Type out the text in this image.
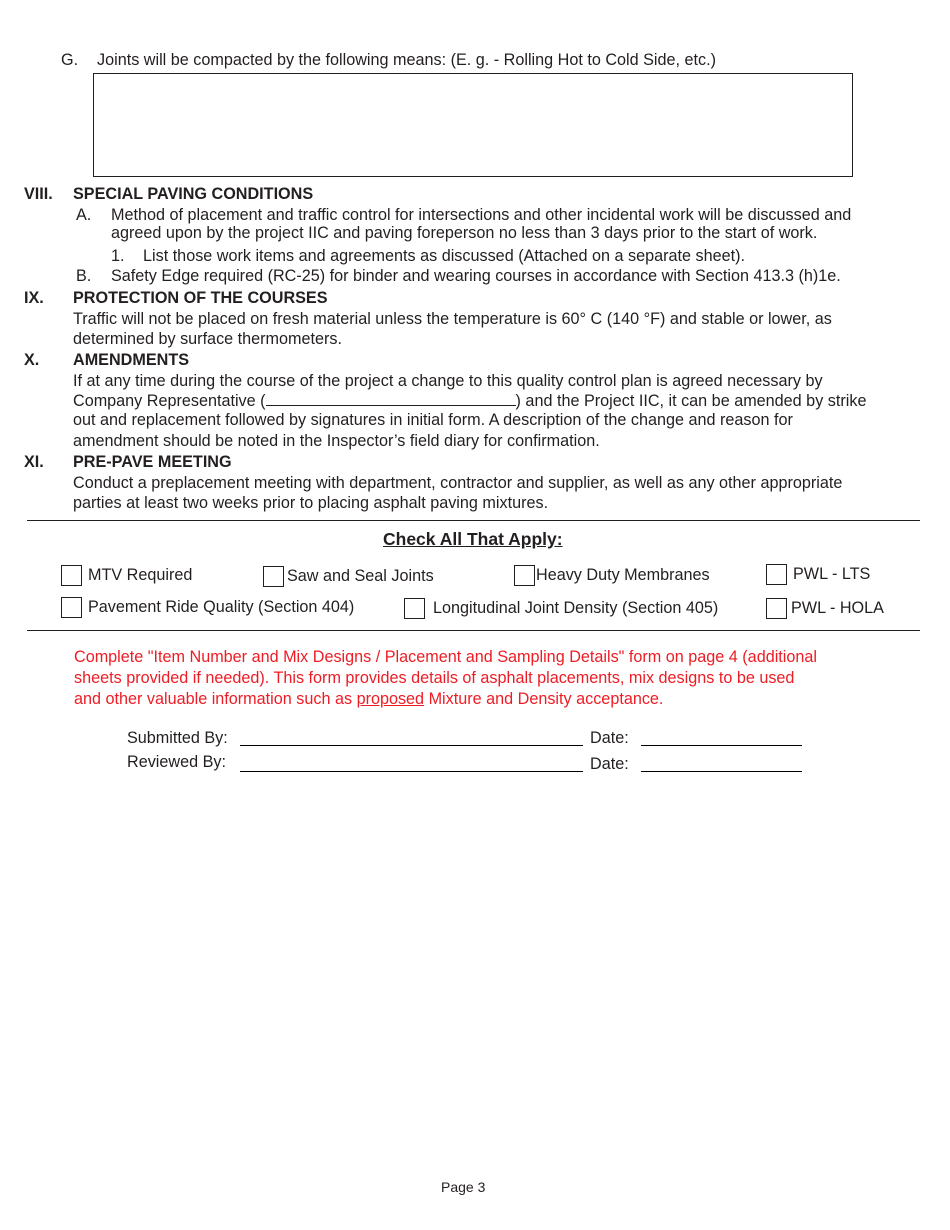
G. Joints will be compacted by the following means: (E. g. - Rolling Hot to Cold Side, etc.)
VIII. SPECIAL PAVING CONDITIONS
A. Method of placement and traffic control for intersections and other incidental work will be discussed and
agreed upon by the project IIC and paving foreperson no less than 3 days prior to the start of work.
1. List those work items and agreements as discussed (Attached on a separate sheet).
B. Safety Edge required (RC-25) for binder and wearing courses in accordance with Section 413.3 (h)1e.
IX. PROTECTION OF THE COURSES
Traffic will not be placed on fresh material unless the temperature is 60° C (140 °F) and stable or lower, as
determined by surface thermometers.
X. AMENDMENTS
If at any time during the course of the project a change to this quality control plan is agreed necessary by
Company Representative (	) and the Project IIC, it can be amended by strike
out and replacement followed by signatures in initial form. A description of the change and reason for
amendment should be noted in the Inspector’s field diary for confirmation.
XI. PRE-PAVE MEETING
Conduct a preplacement meeting with department, contractor and supplier, as well as any other appropriate
parties at least two weeks prior to placing asphalt paving mixtures.
Check All That Apply:
MTV Required	Saw and Seal Joints	Heavy Duty Membranes	PWL - LTS
Pavement Ride Quality (Section 404)	Longitudinal Joint Density (Section 405)	PWL - HOLA
Complete "Item Number and Mix Designs / Placement and Sampling Details" form on page 4 (additional
sheets provided if needed). This form provides details of asphalt placements, mix designs to be used
and other valuable information such as proposed Mixture and Density acceptance.
Submitted By:	Date:
Reviewed By:	Date:
Page 3
